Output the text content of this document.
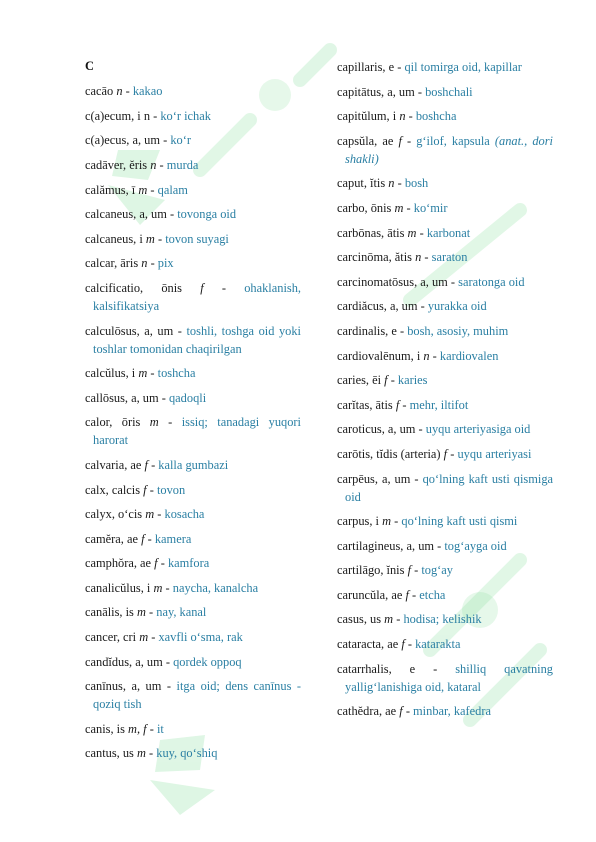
C
cacāo n - kakao
c(a)ecum, i n - ko‘r ichak
c(a)ecus, a, um - ko‘r
cadāver, ĕris n - murda
calămus, ī m - qalam
calcaneus, a, um - tovonga oid
calcaneus, i m - tovon suyagi
calcar, āris n - pix
calcificatio, ōnis f - ohaklanish, kalsifikatsiya
calculōsus, a, um - toshli, toshga oid yoki toshlar tomonidan chaqirilgan
calcŭlus, i m - toshcha
callōsus, a, um - qadoqli
calor, ōris m - issiq; tanadagi yuqori harorat
calvaria, ae f - kalla gumbazi
calx, calcis f - tovon
calyx, o‘cis m - kosacha
camĕra, ae f - kamera
camphŏra, ae f - kamfora
canalicŭlus, i m - naycha, kanalcha
canālis, is m - nay, kanal
cancer, cri m - xavfli o‘sma, rak
candĭdus, a, um - qordek oppoq
canīnus, a, um - itga oid; dens canīnus - qoziq tish
canis, is m, f - it
cantus, us m - kuy, qo‘shiq
capillaris, e - qil tomirga oid, kapillar
capitātus, a, um - boshchali
capitŭlum, i n - boshcha
capsŭla, ae f - g‘ilof, kapsula (anat., dori shakli)
caput, ĭtis n - bosh
carbo, ōnis m - ko‘mir
carbōnas, ātis m - karbonat
carcinōma, ătis n - saraton
carcinomatōsus, a, um - saratonga oid
cardiăcus, a, um - yurakka oid
cardinalis, e - bosh, asosiy, muhim
cardiovalēnum, i n - kardiovalen
caries, ēi f - karies
carĭtas, ātis f - mehr, iltifot
caroticus, a, um - uyqu arteriyasiga oid
carōtis, tĭdis (arteria) f - uyqu arteriyasi
carpēus, a, um - qo‘lning kaft usti qismiga oid
carpus, i m - qo‘lning kaft usti qismi
cartilagineus, a, um - tog‘ayga oid
cartilāgo, ĭnis f - tog‘ay
caruncŭla, ae f - etcha
casus, us m - hodisa; kelishik
cataracta, ae f - katarakta
catarrhalis, e - shilliq qavatning yallig‘lanishiga oid, kataral
cathĕdra, ae f - minbar, kafedra
